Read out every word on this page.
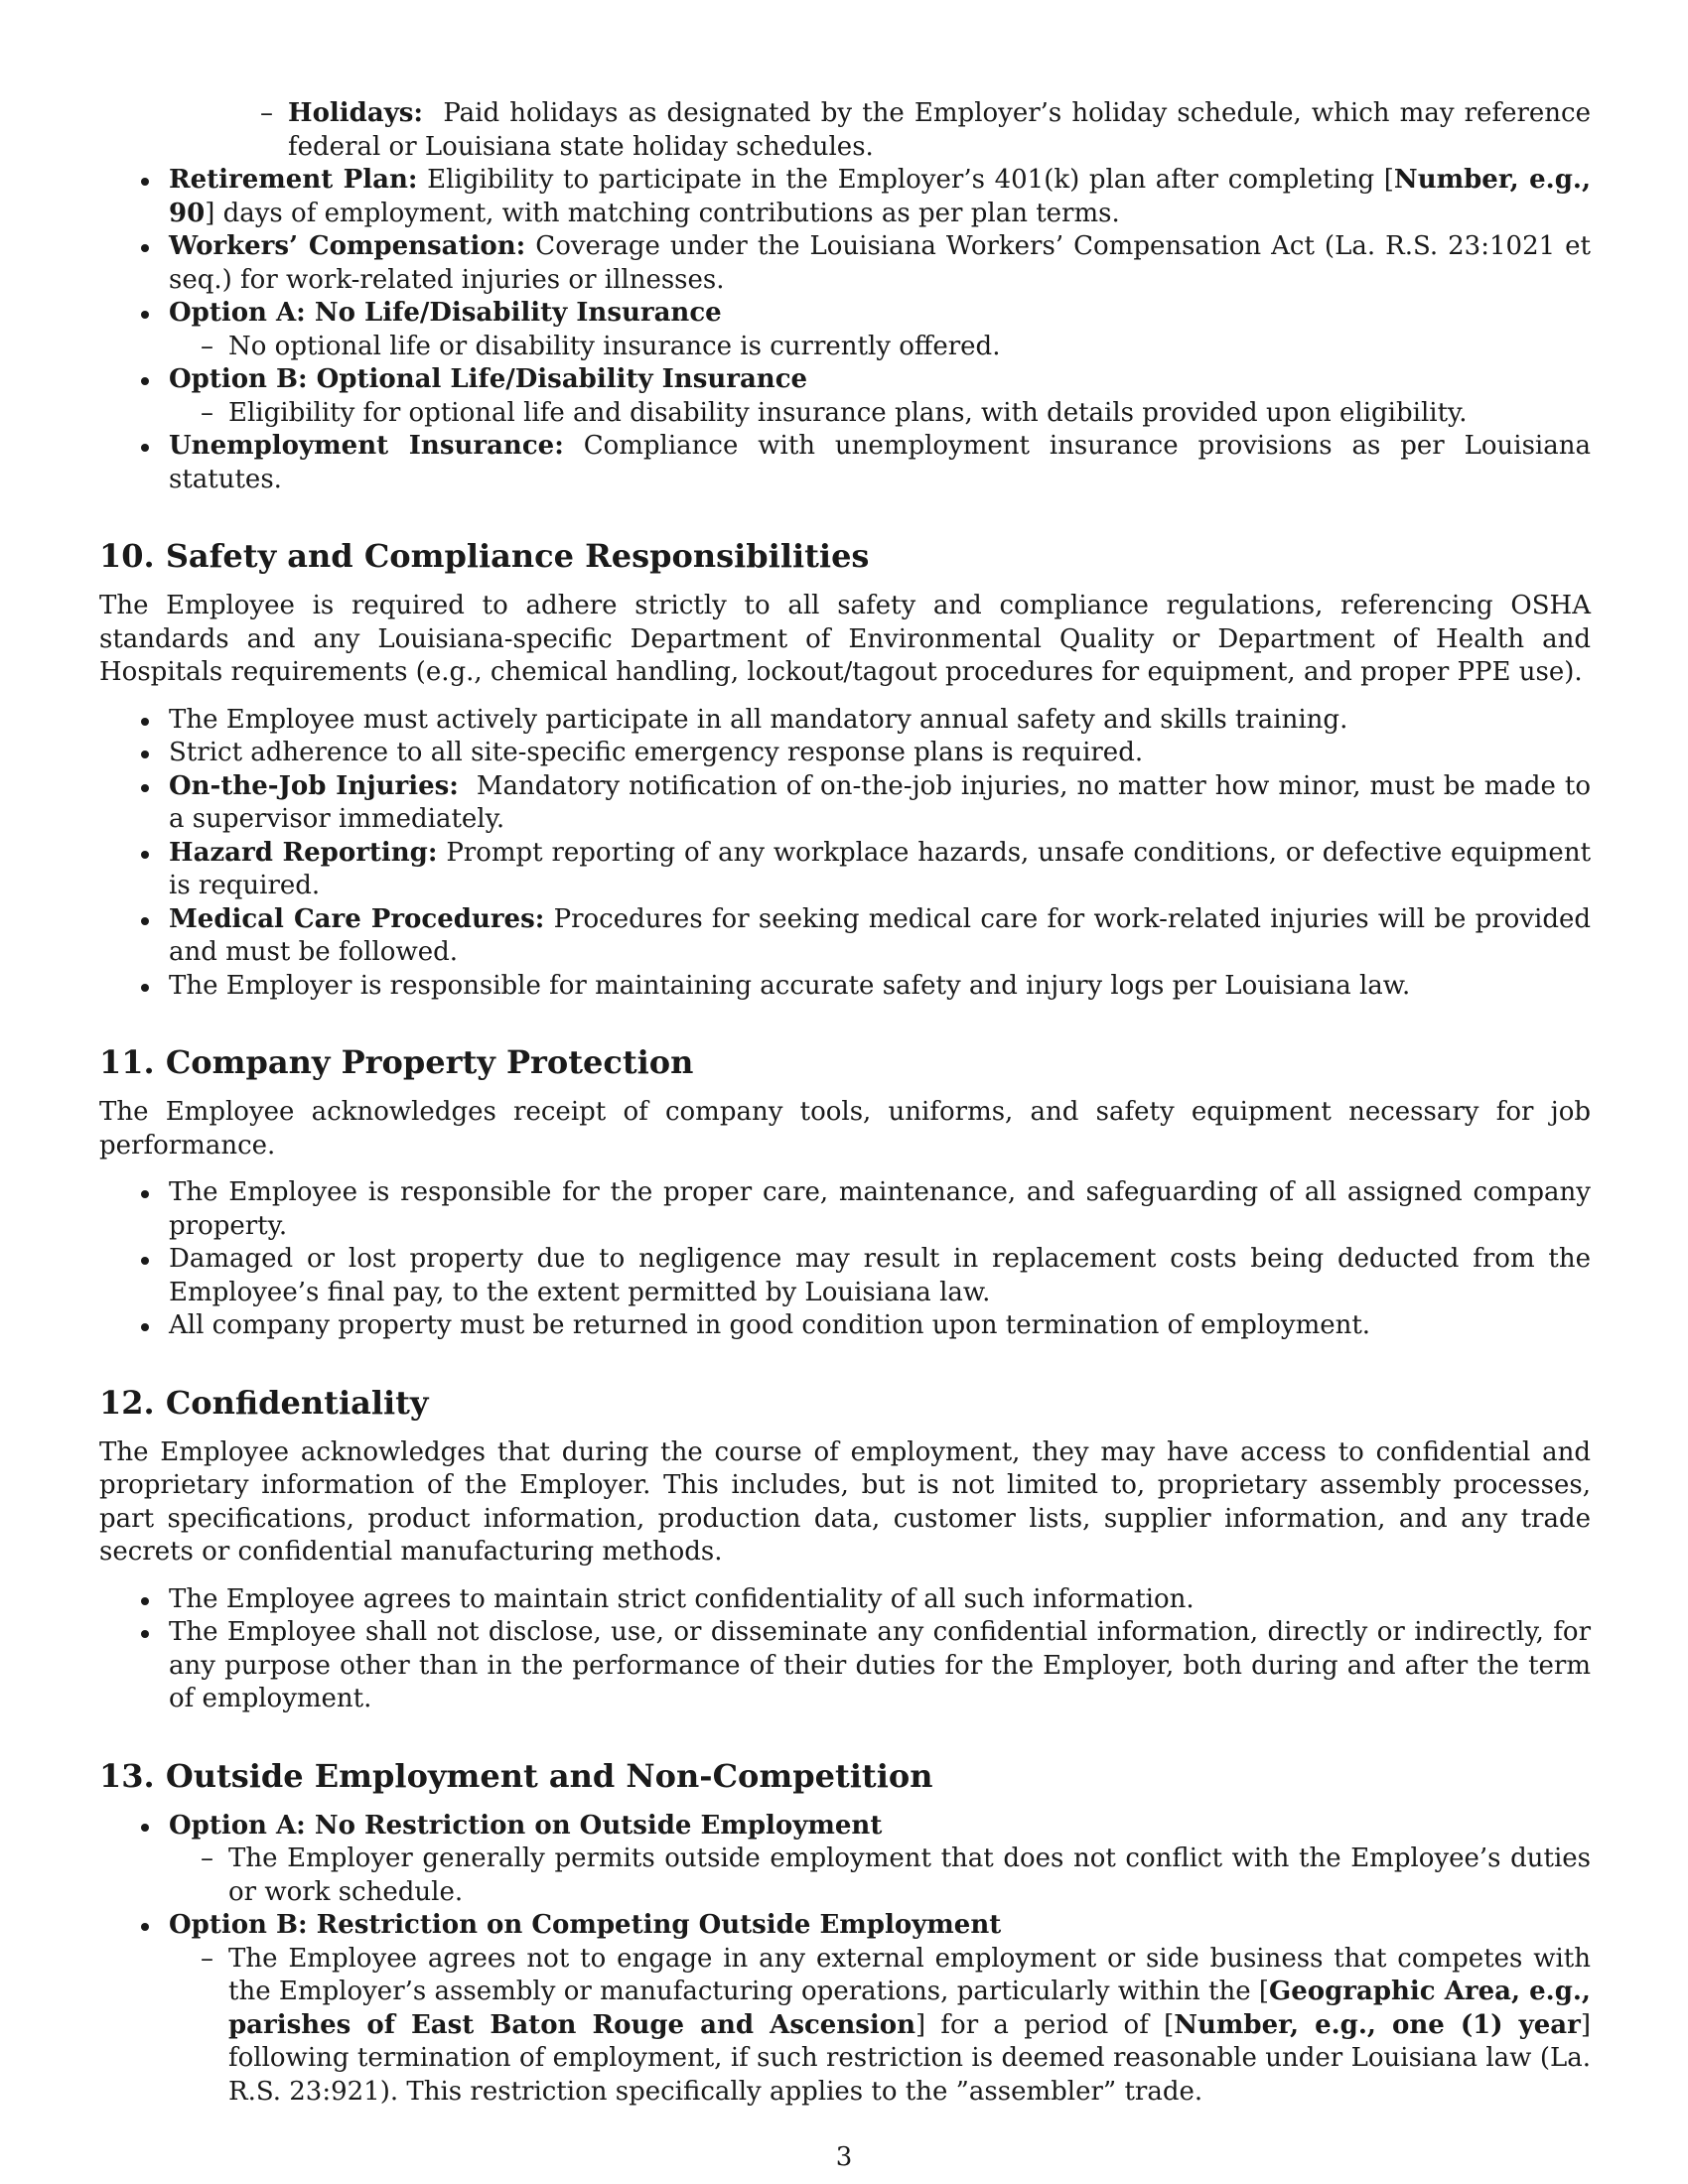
– Holidays: Paid holidays as designated by the Employer’s holiday schedule, which may reference federal or Louisiana state holiday schedules.
Retirement Plan: Eligibility to participate in the Employer’s 401(k) plan after completing [Number, e.g., 90] days of employment, with matching contributions as per plan terms.
Workers’ Compensation: Coverage under the Louisiana Workers’ Compensation Act (La. R.S. 23:1021 et seq.) for work-related injuries or illnesses.
Option A: No Life/Disability Insurance
– No optional life or disability insurance is currently offered.
Option B: Optional Life/Disability Insurance
– Eligibility for optional life and disability insurance plans, with details provided upon eligibility.
Unemployment Insurance: Compliance with unemployment insurance provisions as per Louisiana statutes.
10. Safety and Compliance Responsibilities

The Employee is required to adhere strictly to all safety and compliance regulations, referencing OSHA standards and any Louisiana-specific Department of Environmental Quality or Department of Health and Hospitals requirements (e.g., chemical handling, lockout/tagout procedures for equipment, and proper PPE use).

The Employee must actively participate in all mandatory annual safety and skills training.
Strict adherence to all site-specific emergency response plans is required.
On-the-Job Injuries: Mandatory notification of on-the-job injuries, no matter how minor, must be made to a supervisor immediately.
Hazard Reporting: Prompt reporting of any workplace hazards, unsafe conditions, or defective equipment is required.
Medical Care Procedures: Procedures for seeking medical care for work-related injuries will be provided and must be followed.
The Employer is responsible for maintaining accurate safety and injury logs per Louisiana law.
11. Company Property Protection

The Employee acknowledges receipt of company tools, uniforms, and safety equipment necessary for job performance.

The Employee is responsible for the proper care, maintenance, and safeguarding of all assigned company property.
Damaged or lost property due to negligence may result in replacement costs being deducted from the Employee’s final pay, to the extent permitted by Louisiana law.
All company property must be returned in good condition upon termination of employment.
12. Confidentiality

The Employee acknowledges that during the course of employment, they may have access to confidential and proprietary information of the Employer. This includes, but is not limited to, proprietary assembly processes, part specifications, product information, production data, customer lists, supplier information, and any trade secrets or confidential manufacturing methods.

The Employee agrees to maintain strict confidentiality of all such information.
The Employee shall not disclose, use, or disseminate any confidential information, directly or indirectly, for any purpose other than in the performance of their duties for the Employer, both during and after the term of employment.
13. Outside Employment and Non-Competition
Option A: No Restriction on Outside Employment
– The Employer generally permits outside employment that does not conflict with the Employee’s duties or work schedule.
Option B: Restriction on Competing Outside Employment
– The Employee agrees not to engage in any external employment or side business that competes with the Employer’s assembly or manufacturing operations, particularly within the [Geographic Area, e.g., parishes of East Baton Rouge and Ascension] for a period of [Number, e.g., one (1) year] following termination of employment, if such restriction is deemed reasonable under Louisiana law (La. R.S. 23:921). This restriction specifically applies to the ”assembler” trade.
3
